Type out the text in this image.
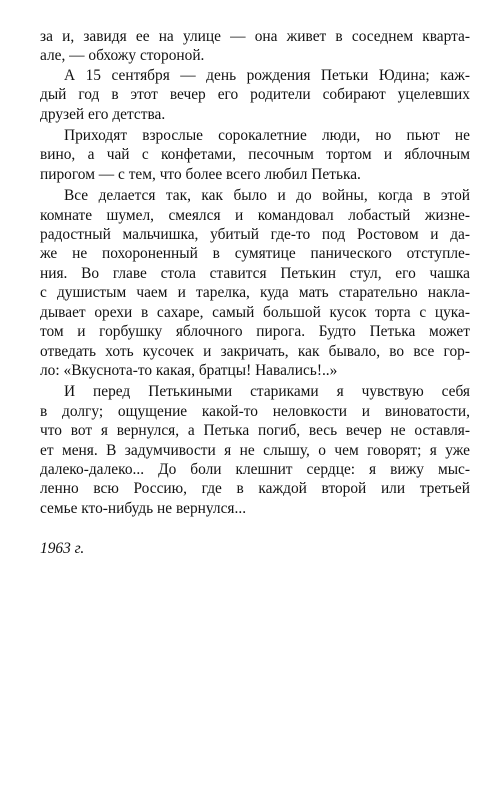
за и, завидя ее на улице — она живет в соседнем кварта-
але, — обхожу стороной.

А 15 сентября — день рождения Петьки Юдина; каж-
дый год в этот вечер его родители собирают уцелевших
друзей его детства.

Приходят взрослые сорокалетние люди, но пьют не
вино, а чай с конфетами, песочным тортом и яблочным
пирогом — с тем, что более всего любил Петька.

Все делается так, как было и до войны, когда в этой
комнате шумел, смеялся и командовал лобастый жизне-
радостный мальчишка, убитый где-то под Ростовом и да-
же не похороненный в сумятице панического отступле-
ния. Во главе стола ставится Петькин стул, его чашка
с душистым чаем и тарелка, куда мать старательно накла-
дывает орехи в сахаре, самый большой кусок торта с цука-
том и горбушку яблочного пирога. Будто Петька может
отведать хоть кусочек и закричать, как бывало, во все гор-
ло: «Вкуснота-то какая, братцы! Навались!..»

И перед Петькиными стариками я чувствую себя
в долгу; ощущение какой-то неловкости и виноватости,
что вот я вернулся, а Петька погиб, весь вечер не оставля-
ет меня. В задумчивости я не слышу, о чем говорят; я уже
далеко-далеко... До боли клешнит сердце: я вижу мыс-
ленно всю Россию, где в каждой второй или третьей
семье кто-нибудь не вернулся...

1963 г.
